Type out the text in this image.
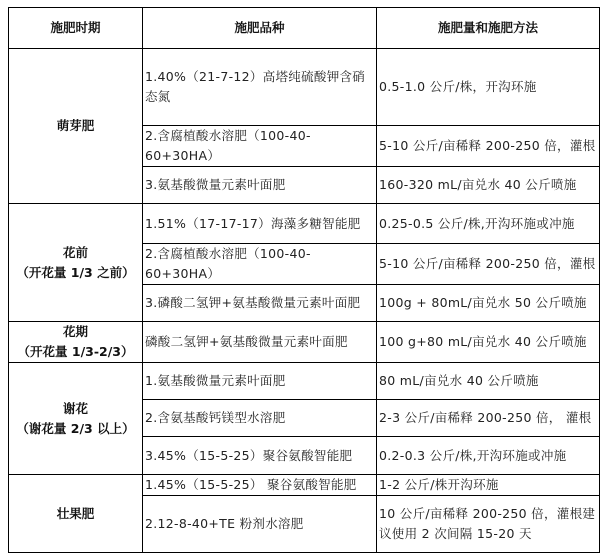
施肥时期	施肥品种	施肥量和施肥方法

萌芽肥	1.40%（21-7-12）高塔纯硫酸钾含硝态氮	0.5-1.0 公斤/株，开沟环施
	2.含腐植酸水溶肥（100-40-60+30HA）	5-10 公斤/亩稀释 200-250 倍，灌根
	3.氨基酸微量元素叶面肥	160-320 mL/亩兑水 40 公斤喷施

花前
（开花量 1/3 之前）	1.51%（17-17-17）海藻多糖智能肥	0.25-0.5 公斤/株,开沟环施或冲施
	2.含腐植酸水溶肥（100-40-60+30HA）	5-10 公斤/亩稀释 200-250 倍，灌根
	3.磷酸二氢钾+氨基酸微量元素叶面肥	100g + 80mL/亩兑水 50 公斤喷施

花期
（开花量 1/3-2/3）	磷酸二氢钾+氨基酸微量元素叶面肥	100 g+80 mL/亩兑水 40 公斤喷施

谢花
（谢花量 2/3 以上）	1.氨基酸微量元素叶面肥	80 mL/亩兑水 40 公斤喷施
	2.含氨基酸钙镁型水溶肥	2-3 公斤/亩稀释 200-250 倍， 灌根
	3.45%（15-5-25）聚谷氨酸智能肥	0.2-0.3 公斤/株,开沟环施或冲施

壮果肥	1.45%（15-5-25） 聚谷氨酸智能肥	1-2 公斤/株开沟环施
	2.12-8-40+TE 粉剂水溶肥	10 公斤/亩稀释 200-250 倍，灌根建议使用 2 次间隔 15-20 天
